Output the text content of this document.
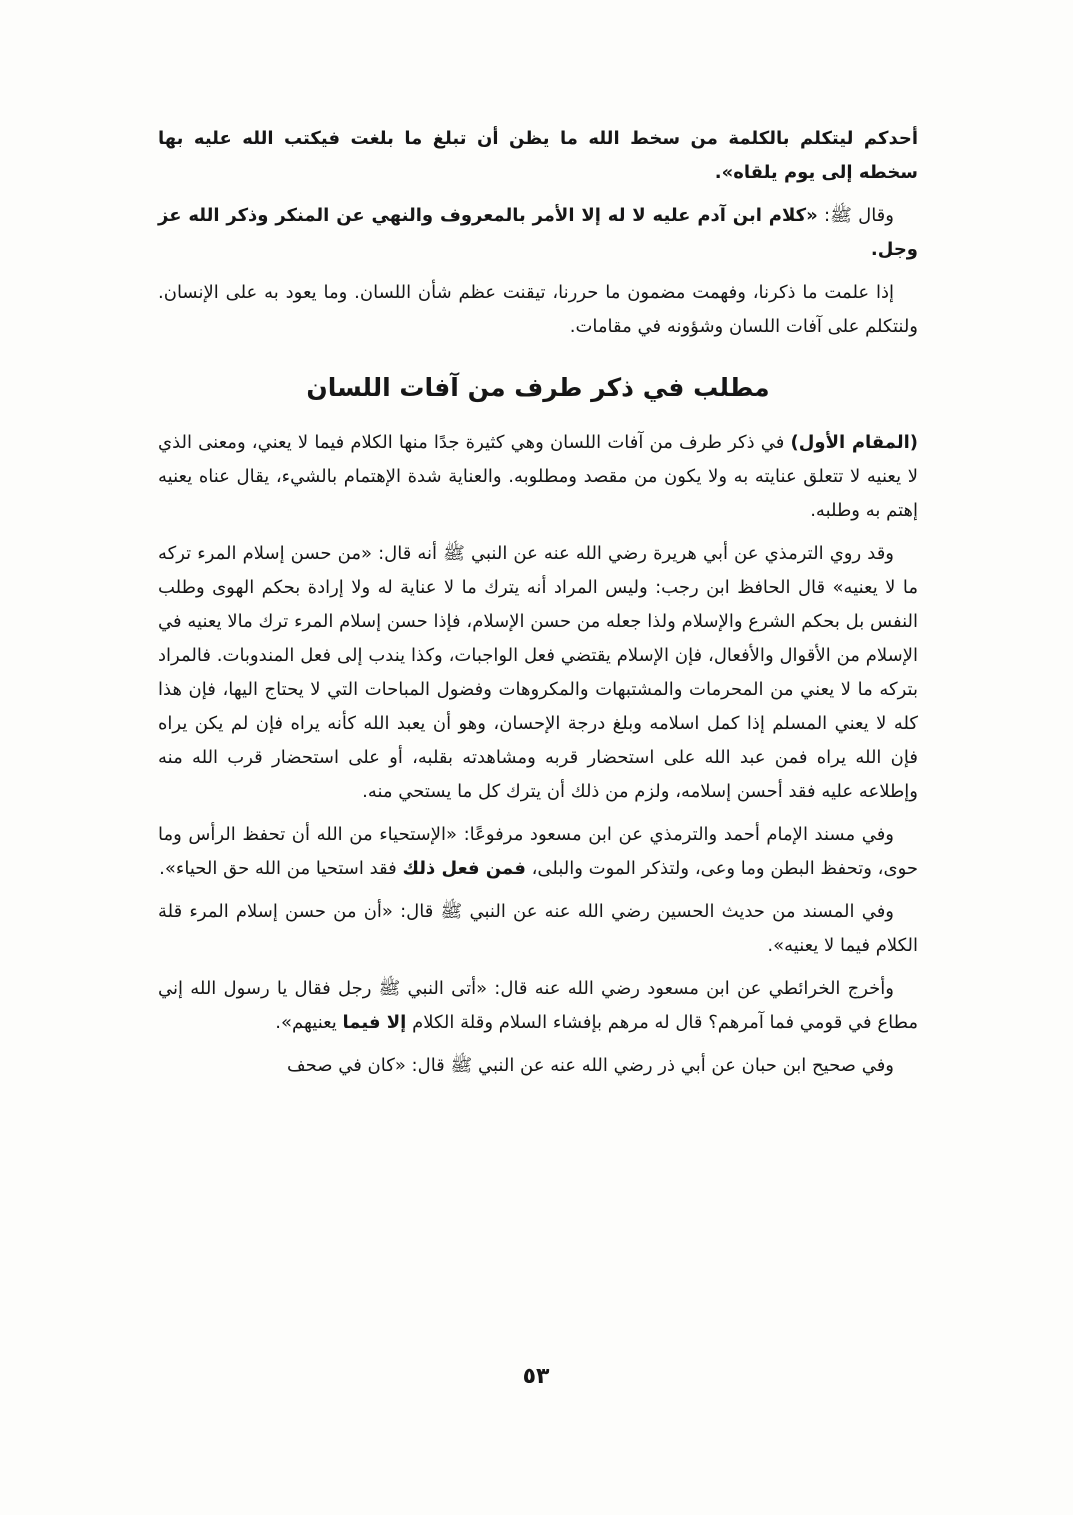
أحدكم ليتكلم بالكلمة من سخط الله ما يظن أن تبلغ ما بلغت فيكتب الله عليه بها سخطه إلى يوم يلقاه».

وقال ﷺ: «كلام ابن آدم عليه لا له إلا الأمر بالمعروف والنهي عن المنكر وذكر الله عز وجل.

إذا علمت ما ذكرنا، وفهمت مضمون ما حررنا، تيقنت عظم شأن اللسان. وما يعود به على الإنسان. ولنتكلم على آفات اللسان وشؤونه في مقامات.

مطلب في ذكر طرف من آفات اللسان

(المقام الأول) في ذكر طرف من آفات اللسان وهي كثيرة جدًا منها الكلام فيما لا يعني، ومعنى الذي لا يعنيه لا تتعلق عنايته به ولا يكون من مقصد ومطلوبه. والعناية شدة الإهتمام بالشيء، يقال عناه يعنيه إهتم به وطلبه.

وقد روي الترمذي عن أبي هريرة رضي الله عنه عن النبي ﷺ أنه قال: «من حسن إسلام المرء تركه ما لا يعنيه» قال الحافظ ابن رجب: وليس المراد أنه يترك ما لا عناية له ولا إرادة بحكم الهوى وطلب النفس بل بحكم الشرع والإسلام ولذا جعله من حسن الإسلام، فإذا حسن إسلام المرء ترك مالا يعنيه في الإسلام من الأقوال والأفعال، فإن الإسلام يقتضي فعل الواجبات، وكذا يندب إلى فعل المندوبات. فالمراد بتركه ما لا يعني من المحرمات والمشتبهات والمكروهات وفضول المباحات التي لا يحتاج اليها، فإن هذا كله لا يعني المسلم إذا كمل اسلامه وبلغ درجة الإحسان، وهو أن يعبد الله كأنه يراه فإن لم يكن يراه فإن الله يراه فمن عبد الله على استحضار قربه ومشاهدته بقلبه، أو على استحضار قرب الله منه وإطلاعه عليه فقد أحسن إسلامه، ولزم من ذلك أن يترك كل ما يستحي منه.

وفي مسند الإمام أحمد والترمذي عن ابن مسعود مرفوعًا: «الإستحياء من الله أن تحفظ الرأس وما حوى، وتحفظ البطن وما وعى، ولتذكر الموت والبلى، فمن فعل ذلك فقد استحيا من الله حق الحياء».

وفي المسند من حديث الحسين رضي الله عنه عن النبي ﷺ قال: «أن من حسن إسلام المرء قلة الكلام فيما لا يعنيه».

وأخرج الخرائطي عن ابن مسعود رضي الله عنه قال: «أتى النبي ﷺ رجل فقال يا رسول الله إني مطاع في قومي فما آمرهم؟ قال له مرهم بإفشاء السلام وقلة الكلام إلا فيما يعنيهم».

وفي صحيح ابن حبان عن أبي ذر رضي الله عنه عن النبي ﷺ قال: «كان في صحف

٥٣
